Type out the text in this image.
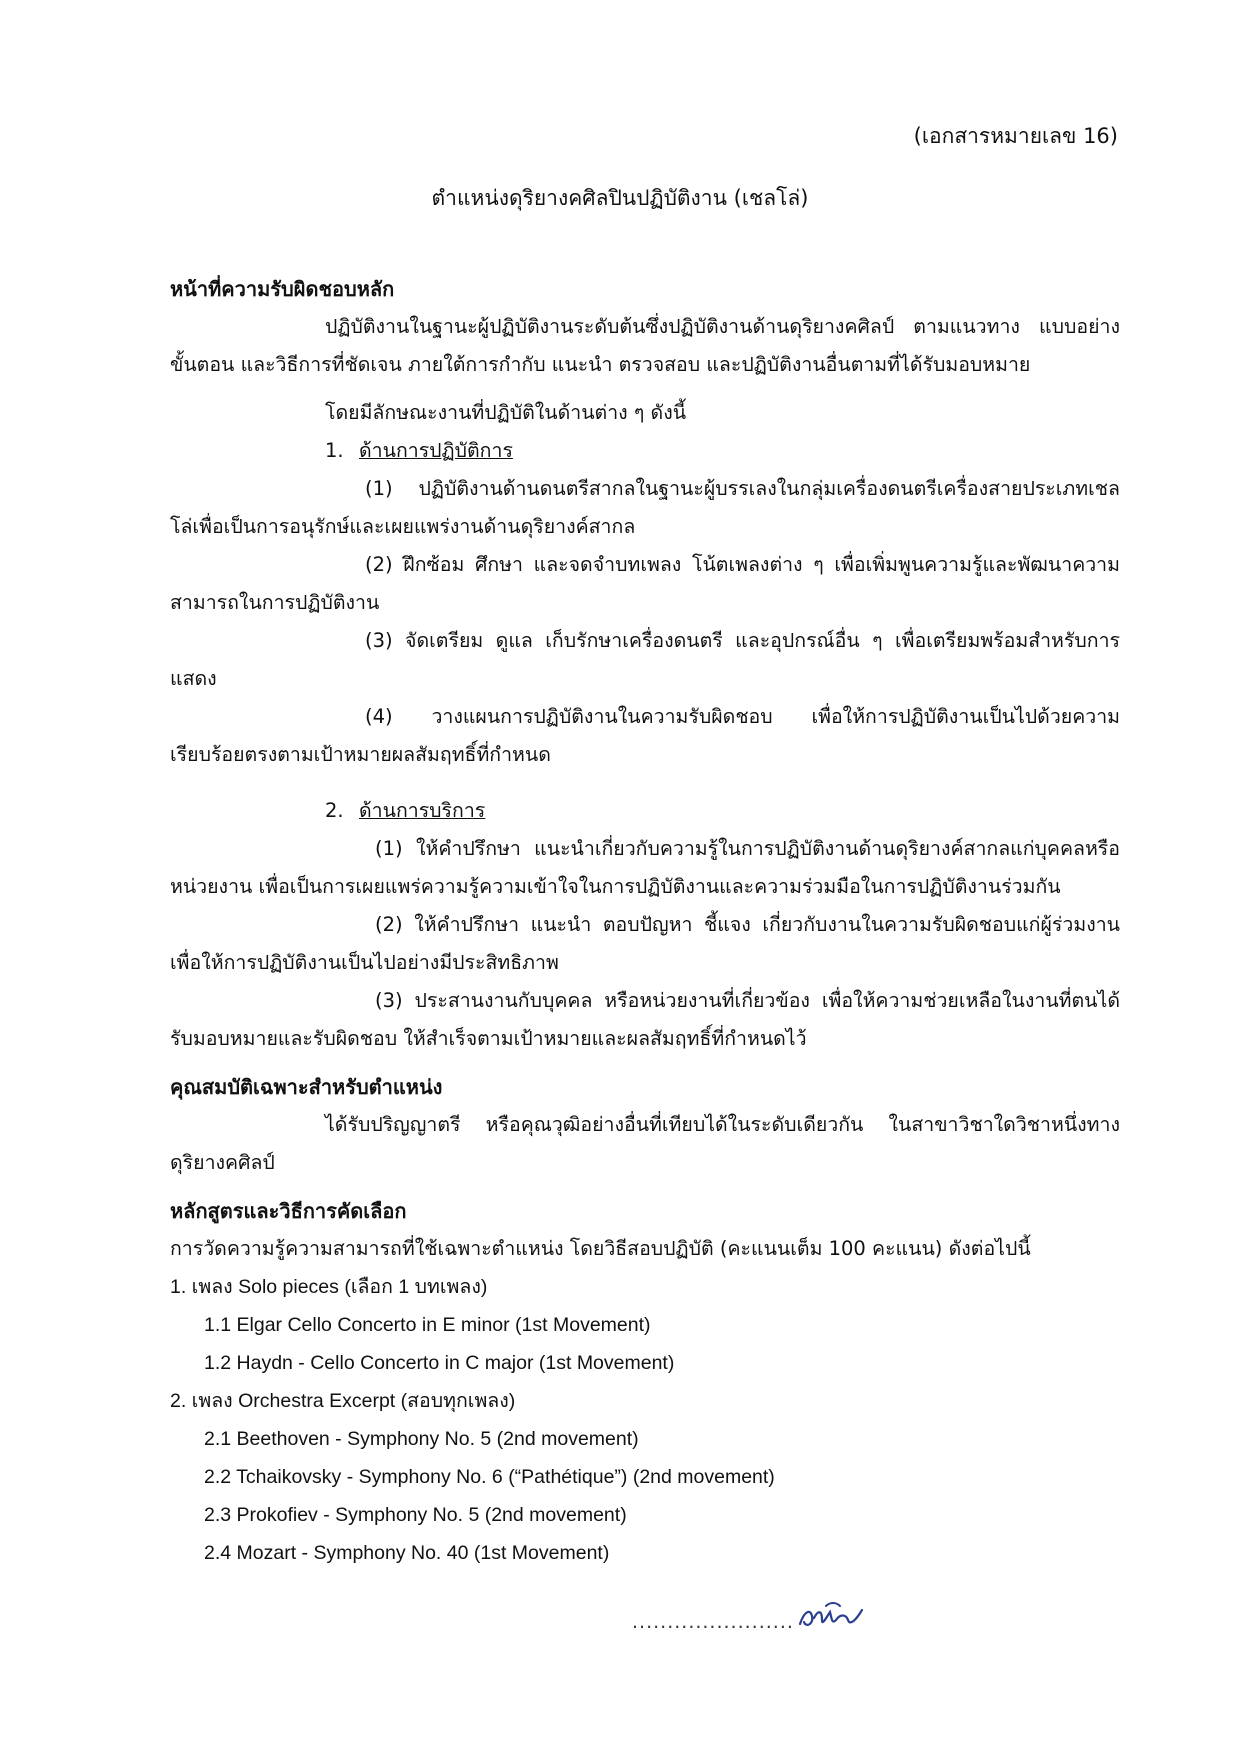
(เอกสารหมายเลข 16)
ตำแหน่งดุริยางคศิลปินปฏิบัติงาน (เชลโล่)

หน้าที่ความรับผิดชอบหลัก

ปฏิบัติงานในฐานะผู้ปฏิบัติงานระดับต้นซึ่งปฏิบัติงานด้านดุริยางคศิลป์ ตามแนวทาง แบบอย่าง ขั้นตอน และวิธีการที่ชัดเจน ภายใต้การกำกับ แนะนำ ตรวจสอบ และปฏิบัติงานอื่นตามที่ได้รับมอบหมาย

โดยมีลักษณะงานที่ปฏิบัติในด้านต่าง ๆ ดังนี้

1. ด้านการปฏิบัติการ

(1) ปฏิบัติงานด้านดนตรีสากลในฐานะผู้บรรเลงในกลุ่มเครื่องดนตรีเครื่องสายประเภทเชลโล่เพื่อเป็นการอนุรักษ์และเผยแพร่งานด้านดุริยางค์สากล

(2) ฝึกซ้อม ศึกษา และจดจำบทเพลง โน้ตเพลงต่าง ๆ เพื่อเพิ่มพูนความรู้และพัฒนาความสามารถในการปฏิบัติงาน

(3) จัดเตรียม ดูแล เก็บรักษาเครื่องดนตรี และอุปกรณ์อื่น ๆ เพื่อเตรียมพร้อมสำหรับการแสดง

(4) วางแผนการปฏิบัติงานในความรับผิดชอบ เพื่อให้การปฏิบัติงานเป็นไปด้วยความเรียบร้อยตรงตามเป้าหมายผลสัมฤทธิ์ที่กำหนด

2. ด้านการบริการ

(1) ให้คำปรึกษา แนะนำเกี่ยวกับความรู้ในการปฏิบัติงานด้านดุริยางค์สากลแก่บุคคลหรือหน่วยงาน เพื่อเป็นการเผยแพร่ความรู้ความเข้าใจในการปฏิบัติงานและความร่วมมือในการปฏิบัติงานร่วมกัน

(2) ให้คำปรึกษา แนะนำ ตอบปัญหา ชี้แจง เกี่ยวกับงานในความรับผิดชอบแก่ผู้ร่วมงานเพื่อให้การปฏิบัติงานเป็นไปอย่างมีประสิทธิภาพ

(3) ประสานงานกับบุคคล หรือหน่วยงานที่เกี่ยวข้อง เพื่อให้ความช่วยเหลือในงานที่ตนได้รับมอบหมายและรับผิดชอบ ให้สำเร็จตามเป้าหมายและผลสัมฤทธิ์ที่กำหนดไว้

คุณสมบัติเฉพาะสำหรับตำแหน่ง

ได้รับปริญญาตรี หรือคุณวุฒิอย่างอื่นที่เทียบได้ในระดับเดียวกัน ในสาขาวิชาใดวิชาหนึ่งทางดุริยางคศิลป์

หลักสูตรและวิธีการคัดเลือก

การวัดความรู้ความสามารถที่ใช้เฉพาะตำแหน่ง โดยวิธีสอบปฏิบัติ (คะแนนเต็ม 100 คะแนน) ดังต่อไปนี้

1. เพลง Solo pieces (เลือก 1 บทเพลง)

1.1 Elgar Cello Concerto in E minor (1st Movement)

1.2 Haydn - Cello Concerto in C major (1st Movement)

2. เพลง Orchestra Excerpt (สอบทุกเพลง)

2.1 Beethoven - Symphony No. 5 (2nd movement)

2.2 Tchaikovsky - Symphony No. 6 (“Pathétique”) (2nd movement)

2.3 Prokofiev - Symphony No. 5 (2nd movement)

2.4 Mozart - Symphony No. 40 (1st Movement)

.......................
